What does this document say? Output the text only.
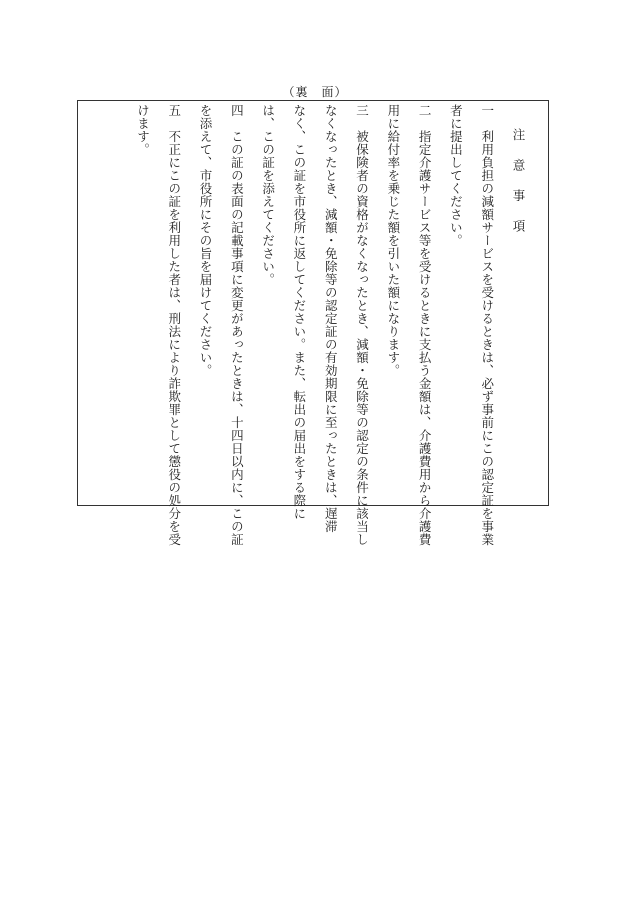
（裏　面）
注 意 事 項
一　利用負担の減額サービスを受けるときは、必ず事前にこの認定証を事業
者に提出してください。
二　指定介護サービス等を受けるときに支払う金額は、介護費用から介護費
用に給付率を乗じた額を引いた額になります。
三　被保険者の資格がなくなったとき、減額・免除等の認定の条件に該当し
なくなったとき、減額・免除等の認定証の有効期限に至ったときは、遅滞
なく、この証を市役所に返してください。また、転出の届出をする際に
は、この証を添えてください。
四　この証の表面の記載事項に変更があったときは、十四日以内に、この証
を添えて、市役所にその旨を届けてください。
五　不正にこの証を利用した者は、刑法により詐欺罪として懲役の処分を受
けます。
